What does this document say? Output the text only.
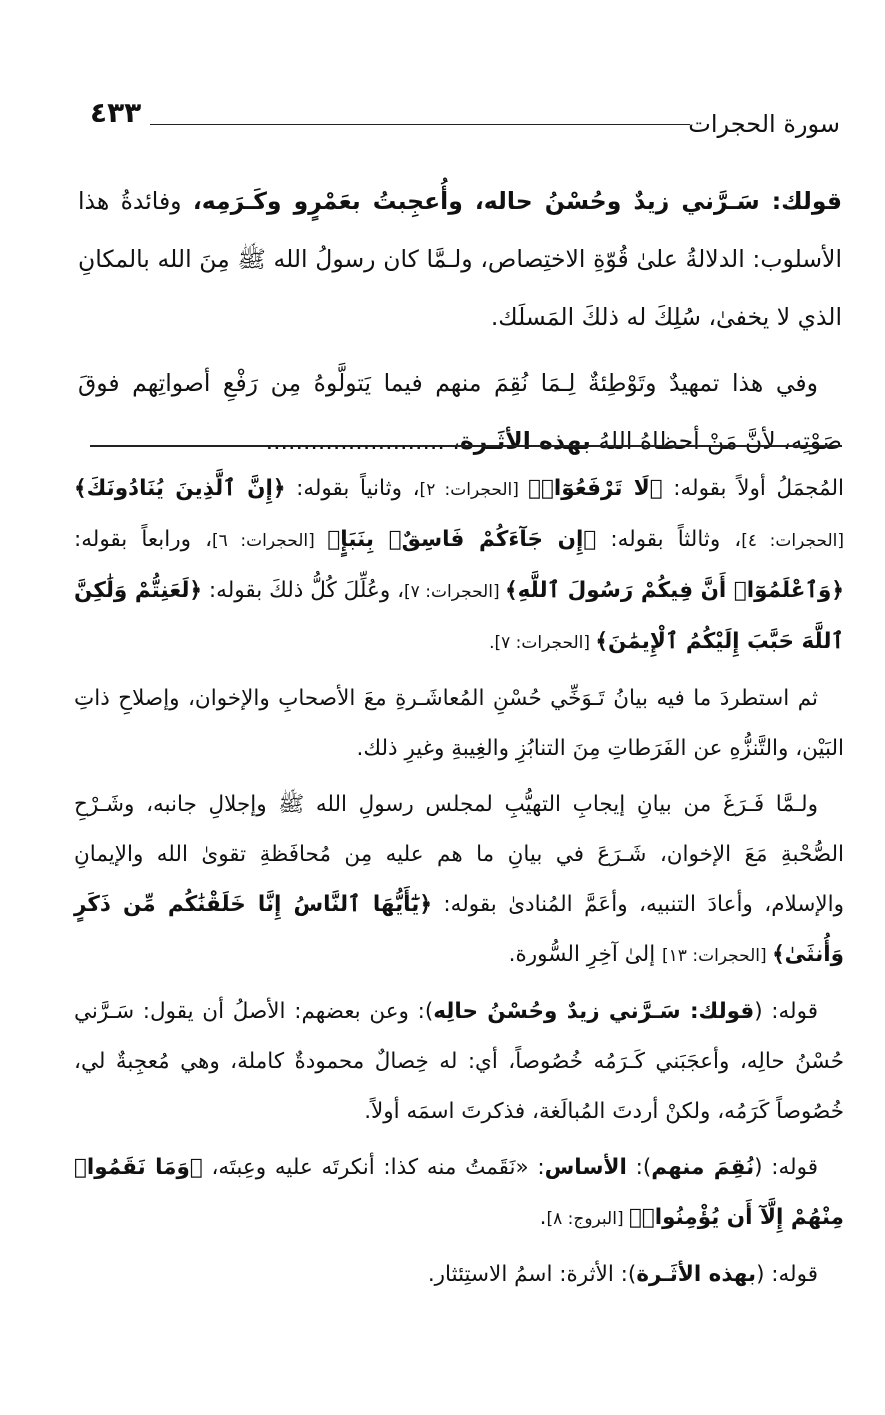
سورة الحجرات
٤٣٣

قولك: سَـرَّني زيدٌ وحُسْنُ حاله، وأُعجِبتُ بعَمْرٍو وكَـرَمِه، وفائدةُ هذا الأسلوب: الدلالةُ علىٰ قُوّةِ الاختِصاص، ولـمَّا كان رسولُ الله ﷺ مِنَ الله بالمكانِ الذي لا يخفىٰ، سُلِكَ له ذلكَ المَسلَك.

وفي هذا تمهيدٌ وتَوْطِئةٌ لِـمَا نُقِمَ منهم فيما يَتولَّوهُ مِن رَفْعِ أصواتِهم فوقَ صَوْتِه، لأنَّ مَنْ أحظاهُ اللهُ بهذه الأثَـرة، ........................

المُجمَلُ أولاً بقوله: ﴿لَا تَرْفَعُوٓا۟﴾ [الحجرات: ٢]، وثانياً بقوله: ﴿إِنَّ ٱلَّذِينَ يُنَادُونَكَ﴾ [الحجرات: ٤]، وثالثاً بقوله: ﴿إِن جَآءَكُمْ فَاسِقٌۢ بِنَبَإٍ﴾ [الحجرات: ٦]، ورابعاً بقوله: ﴿وَٱعْلَمُوٓا۟ أَنَّ فِيكُمْ رَسُولَ ٱللَّهِ﴾ [الحجرات: ٧]، وعُلِّلَ كُلُّ ذلكَ بقوله: ﴿لَعَنِتُّمْ وَلَٰكِنَّ ٱللَّهَ حَبَّبَ إِلَيْكُمُ ٱلْإِيمَٰنَ﴾ [الحجرات: ٧].

ثم استطردَ ما فيه بيانُ تَـوَخِّي حُسْنِ المُعاشَـرةِ معَ الأصحابِ والإخوان، وإصلاحِ ذاتِ البَيْن، والتَّنزُّهِ عن الفَرَطاتِ مِنَ التنابُزِ والغِيبةِ وغيرِ ذلك.

ولـمَّا فَـرَغَ من بيانِ إيجابِ التهيُّبِ لمجلس رسولِ الله ﷺ وإجلالِ جانبه، وشَـرْحِ الصُّحْبةِ مَعَ الإخوان، شَـرَعَ في بيانِ ما هم عليه مِن مُحافَظةِ تقوىٰ الله والإيمانِ والإسلام، وأعادَ التنبيه، وأعَمَّ المُنادىٰ بقوله: ﴿يَٰٓأَيُّهَا ٱلنَّاسُ إِنَّا خَلَقْنَٰكُم مِّن ذَكَرٍ وَأُنثَىٰ﴾ [الحجرات: ١٣] إلىٰ آخِرِ السُّورة.

قوله: (قولك: سَـرَّني زيدٌ وحُسْنُ حالِه): وعن بعضهم: الأصلُ أن يقول: سَـرَّني حُسْنُ حالِه، وأعجَبَني كَـرَمُه خُصُوصاً، أي: له خِصالٌ محمودةٌ كاملة، وهي مُعجِبةٌ لي، خُصُوصاً كَرَمُه، ولكنْ أردتَ المُبالَغة، فذكرتَ اسمَه أولاً.

قوله: (نُقِمَ منهم): الأساس: «نَقَمتُ منه كذا: أنكرتَه عليه وعِبتَه، ﴿وَمَا نَقَمُوا۟ مِنْهُمْ إِلَّآ أَن يُؤْمِنُوا۟﴾ [البروج: ٨].

قوله: (بهذه الأثَـرة): الأثرة: اسمُ الاستِئثار.
